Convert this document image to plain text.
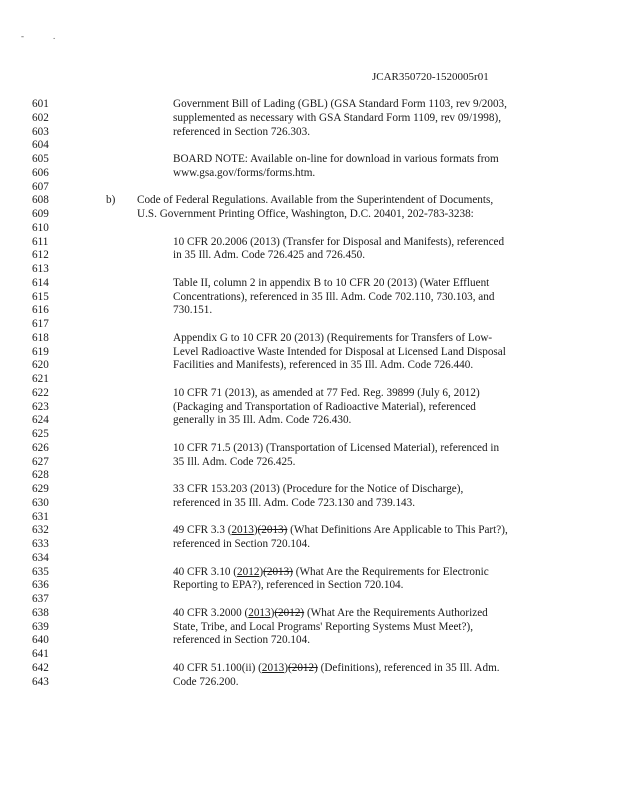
-	.
JCAR350720-1520005r01
601	Government Bill of Lading (GBL) (GSA Standard Form 1103, rev 9/2003,
602	supplemented as necessary with GSA Standard Form 1109, rev 09/1998),
603	referenced in Section 726.303.
604
605	BOARD NOTE: Available on-line for download in various formats from
606	www.gsa.gov/forms/forms.htm.
607
608	b) Code of Federal Regulations. Available from the Superintendent of Documents,
609	U.S. Government Printing Office, Washington, D.C. 20401, 202-783-3238:
610
611	10 CFR 20.2006 (2013) (Transfer for Disposal and Manifests), referenced
612	in 35 Ill. Adm. Code 726.425 and 726.450.
613
614	Table II, column 2 in appendix B to 10 CFR 20 (2013) (Water Effluent
615	Concentrations), referenced in 35 Ill. Adm. Code 702.110, 730.103, and
616	730.151.
617
618	Appendix G to 10 CFR 20 (2013) (Requirements for Transfers of Low-
619	Level Radioactive Waste Intended for Disposal at Licensed Land Disposal
620	Facilities and Manifests), referenced in 35 Ill. Adm. Code 726.440.
621
622	10 CFR 71 (2013), as amended at 77 Fed. Reg. 39899 (July 6, 2012)
623	(Packaging and Transportation of Radioactive Material), referenced
624	generally in 35 Ill. Adm. Code 726.430.
625
626	10 CFR 71.5 (2013) (Transportation of Licensed Material), referenced in
627	35 Ill. Adm. Code 726.425.
628
629	33 CFR 153.203 (2013) (Procedure for the Notice of Discharge),
630	referenced in 35 Ill. Adm. Code 723.130 and 739.143.
631
632	49 CFR 3.3 (2013)(2013) (What Definitions Are Applicable to This Part?),
633	referenced in Section 720.104.
634
635	40 CFR 3.10 (2012)(2013) (What Are the Requirements for Electronic
636	Reporting to EPA?), referenced in Section 720.104.
637
638	40 CFR 3.2000 (2013)(2012) (What Are the Requirements Authorized
639	State, Tribe, and Local Programs' Reporting Systems Must Meet?),
640	referenced in Section 720.104.
641
642	40 CFR 51.100(ii) (2013)(2012) (Definitions), referenced in 35 Ill. Adm.
643	Code 726.200.
